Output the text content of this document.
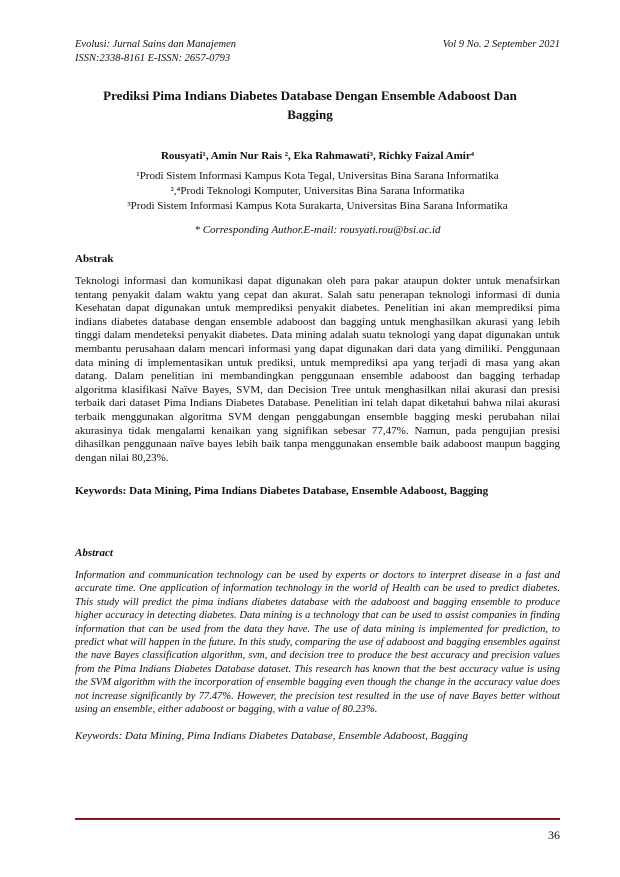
Evolusi: Jurnal Sains dan Manajemen	Vol 9 No. 2 September 2021
ISSN:2338-8161 E-ISSN: 2657-0793
Prediksi Pima Indians Diabetes Database Dengan Ensemble Adaboost Dan Bagging
Rousyati¹, Amin Nur Rais ², Eka Rahmawati³, Richky Faizal Amir⁴
¹Prodi Sistem Informasi Kampus Kota Tegal, Universitas Bina Sarana Informatika
²,⁴Prodi Teknologi Komputer, Universitas Bina Sarana Informatika
³Prodi Sistem Informasi Kampus Kota Surakarta, Universitas Bina Sarana Informatika
* Corresponding Author.E-mail: rousyati.rou@bsi.ac.id
Abstrak
Teknologi informasi dan komunikasi dapat digunakan oleh para pakar ataupun dokter untuk menafsirkan tentang penyakit dalam waktu yang cepat dan akurat. Salah satu penerapan teknologi informasi di dunia Kesehatan dapat digunakan untuk memprediksi penyakit diabetes. Penelitian ini akan memprediksi pima indians diabetes database dengan ensemble adaboost dan bagging untuk menghasilkan akurasi yang lebih tinggi dalam mendeteksi penyakit diabetes. Data mining adalah suatu teknologi yang dapat digunakan untuk membantu perusahaan dalam mencari informasi yang dapat digunakan dari data yang dimiliki. Penggunaan data mining di implementasikan untuk prediksi, untuk memprediksi apa yang terjadi di masa yang akan datang. Dalam penelitian ini membandingkan penggunaan ensemble adaboost dan bagging terhadap algoritma klasifikasi Naïve Bayes, SVM, dan Decision Tree untuk menghasilkan nilai akurasi dan presisi terbaik dari dataset Pima Indians Diabetes Database. Penelitian ini telah dapat diketahui bahwa nilai akurasi terbaik menggunakan algoritma SVM dengan penggabungan ensemble bagging meski perubahan nilai akurasinya tidak mengalami kenaikan yang signifikan sebesar 77,47%. Namun, pada pengujian presisi dihasilkan penggunaan naïve bayes lebih baik tanpa menggunakan ensemble baik adaboost maupun bagging dengan nilai 80,23%.
Keywords: Data Mining, Pima Indians Diabetes Database, Ensemble Adaboost, Bagging
Abstract
Information and communication technology can be used by experts or doctors to interpret disease in a fast and accurate time. One application of information technology in the world of Health can be used to predict diabetes. This study will predict the pima indians diabetes database with the adaboost and bagging ensemble to produce higher accuracy in detecting diabetes. Data mining is a technology that can be used to assist companies in finding information that can be used from the data they have. The use of data mining is implemented for prediction, to predict what will happen in the future. In this study, comparing the use of adaboost and bagging ensembles against the nave Bayes classification algorithm, svm, and decision tree to produce the best accuracy and precision values from the Pima Indians Diabetes Database dataset. This research has known that the best accuracy value is using the SVM algorithm with the incorporation of ensemble bagging even though the change in the accuracy value does not increase significantly by 77.47%. However, the precision test resulted in the use of nave Bayes better without using an ensemble, either adaboost or bagging, with a value of 80.23%.
Keywords: Data Mining, Pima Indians Diabetes Database, Ensemble Adaboost, Bagging
36
